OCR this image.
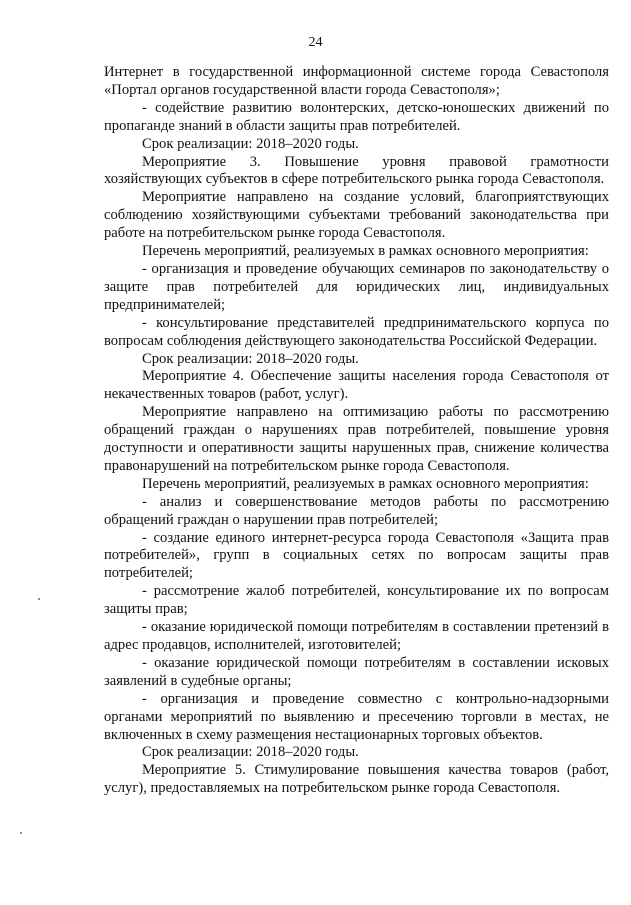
24

Интернет в государственной информационной системе города Севастополя «Портал органов государственной власти города Севастополя»;

- содействие развитию волонтерских, детско-юношеских движений по пропаганде знаний в области защиты прав потребителей.

Срок реализации: 2018–2020 годы.

Мероприятие 3. Повышение уровня правовой грамотности хозяйствующих субъектов в сфере потребительского рынка города Севастополя.

Мероприятие направлено на создание условий, благоприятствующих соблюдению хозяйствующими субъектами требований законодательства при работе на потребительском рынке города Севастополя.

Перечень мероприятий, реализуемых в рамках основного мероприятия:

- организация и проведение обучающих семинаров по законодательству о защите прав потребителей для юридических лиц, индивидуальных предпринимателей;

- консультирование представителей предпринимательского корпуса по вопросам соблюдения действующего законодательства Российской Федерации.

Срок реализации: 2018–2020 годы.

Мероприятие 4. Обеспечение защиты населения города Севастополя от некачественных товаров (работ, услуг).

Мероприятие направлено на оптимизацию работы по рассмотрению обращений граждан о нарушениях прав потребителей, повышение уровня доступности и оперативности защиты нарушенных прав, снижение количества правонарушений на потребительском рынке города Севастополя.

Перечень мероприятий, реализуемых в рамках основного мероприятия:

- анализ и совершенствование методов работы по рассмотрению обращений граждан о нарушении прав потребителей;

- создание единого интернет-ресурса города Севастополя «Защита прав потребителей», групп в социальных сетях по вопросам защиты прав потребителей;

- рассмотрение жалоб потребителей, консультирование их по вопросам защиты прав;

- оказание юридической помощи потребителям в составлении претензий в адрес продавцов, исполнителей, изготовителей;

- оказание юридической помощи потребителям в составлении исковых заявлений в судебные органы;

- организация и проведение совместно с контрольно-надзорными органами мероприятий по выявлению и пресечению торговли в местах, не включенных в схему размещения нестационарных торговых объектов.

Срок реализации: 2018–2020 годы.

Мероприятие 5. Стимулирование повышения качества товаров (работ, услуг), предоставляемых на потребительском рынке города Севастополя.
